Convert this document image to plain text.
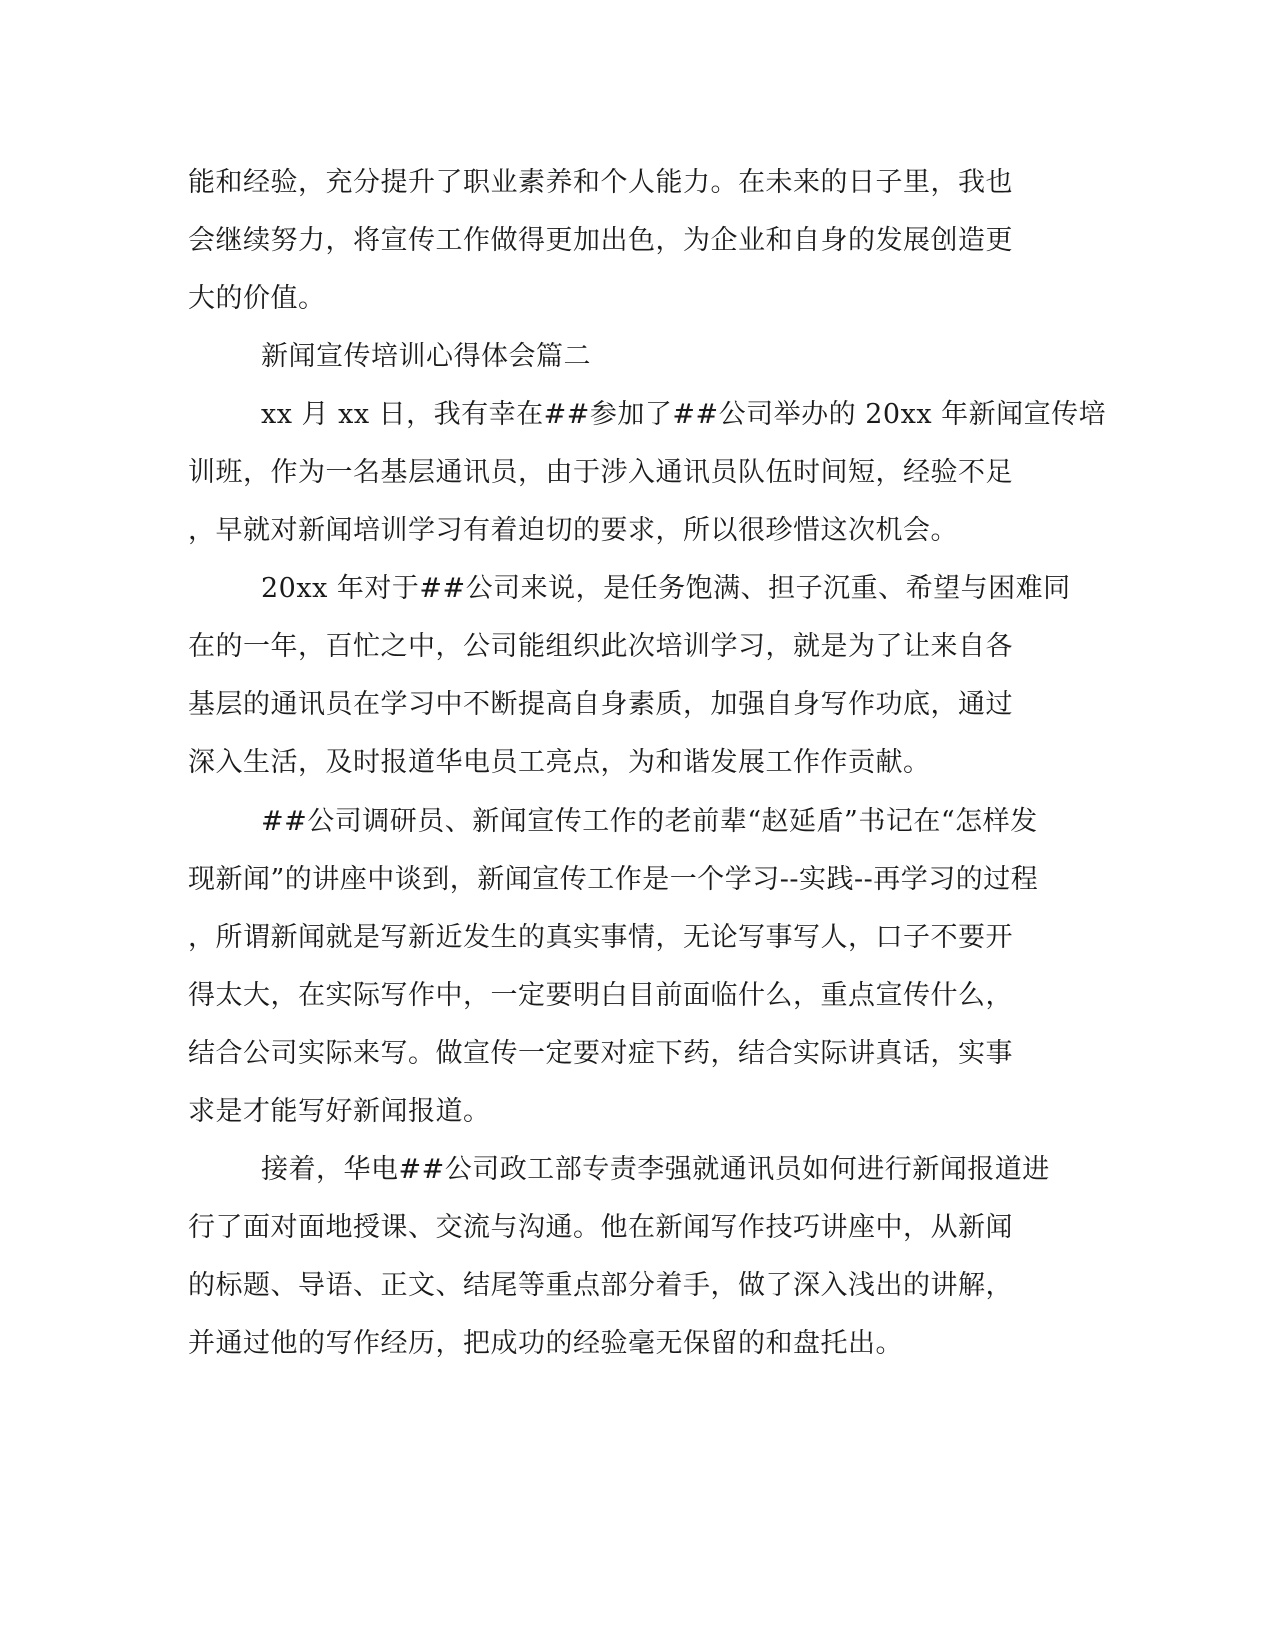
能和经验，充分提升了职业素养和个人能力。在未来的日子里，我也
会继续努力，将宣传工作做得更加出色，为企业和自身的发展创造更
大的价值。
新闻宣传培训心得体会篇二
xx 月 xx 日，我有幸在##参加了##公司举办的 20xx 年新闻宣传培
训班，作为一名基层通讯员，由于涉入通讯员队伍时间短，经验不足
，早就对新闻培训学习有着迫切的要求，所以很珍惜这次机会。
20xx 年对于##公司来说，是任务饱满、担子沉重、希望与困难同
在的一年，百忙之中，公司能组织此次培训学习，就是为了让来自各
基层的通讯员在学习中不断提高自身素质，加强自身写作功底，通过
深入生活，及时报道华电员工亮点，为和谐发展工作作贡献。
##公司调研员、新闻宣传工作的老前辈“赵延盾”书记在“怎样发
现新闻”的讲座中谈到，新闻宣传工作是一个学习--实践--再学习的过程
，所谓新闻就是写新近发生的真实事情，无论写事写人，口子不要开
得太大，在实际写作中，一定要明白目前面临什么，重点宣传什么，
结合公司实际来写。做宣传一定要对症下药，结合实际讲真话，实事
求是才能写好新闻报道。
接着，华电##公司政工部专责李强就通讯员如何进行新闻报道进
行了面对面地授课、交流与沟通。他在新闻写作技巧讲座中，从新闻
的标题、导语、正文、结尾等重点部分着手，做了深入浅出的讲解，
并通过他的写作经历，把成功的经验毫无保留的和盘托出。
